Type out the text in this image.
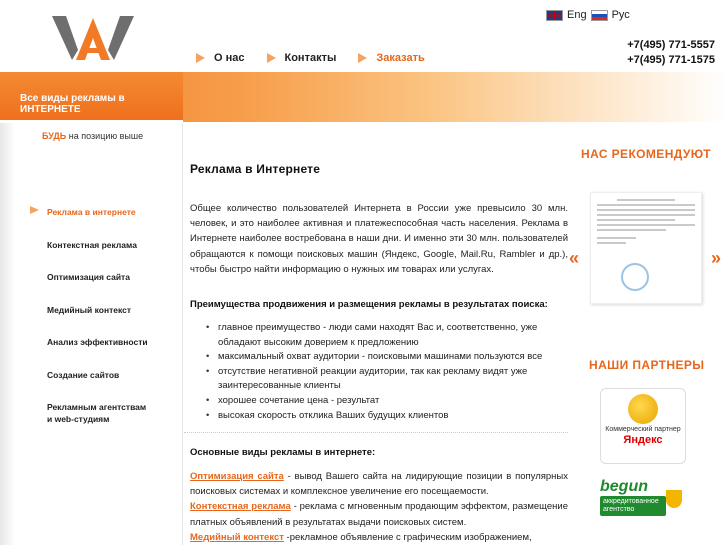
Eng Рус
+7(495) 771-5557
+7(495) 771-1575
О нас	Контакты	Заказать
Все виды рекламы в ИНТЕРНЕТЕ
БУДЬ на позицию выше
Реклама в интернете
Контекстная реклама
Оптимизация сайта
Медийный контекст
Анализ эффективности
Создание сайтов
Рекламным агентствам и web-студиям
Реклама в Интернете
Общее количество пользователей Интернета в России уже превысило 30 млн. человек, и это наиболее активная и платежеспособная часть населения. Реклама в Интернете наиболее востребована в наши дни. И именно эти 30 млн. пользователей обращаются к помощи поисковых машин (Яндекс, Google, Mail.Ru, Rambler и др.), чтобы быстро найти информацию о нужных им товарах или услугах.
Преимущества продвижения и размещения рекламы в результатах поиска:
• главное преимущество - люди сами находят Вас и, соответственно, уже обладают высоким доверием к предложению
• максимальный охват аудитории - поисковыми машинами пользуются все
• отсутствие негативной реакции аудитории, так как рекламу видят уже заинтересованные клиенты
• хорошее сочетание цена - результат
• высокая скорость отклика Ваших будущих клиентов
Основные виды рекламы в интернете:
Оптимизация сайта - вывод Вашего сайта на лидирующие позиции в популярных поисковых системах и комплексное увеличение его посещаемости.
Контекстная реклама - реклама с мгновенным продающим эффектом, размещение платных объявлений в результатах выдачи поисковых систем.
Медийный контекст -рекламное объявление с графическим изображением,
НАС РЕКОМЕНДУЮТ
«	»
НАШИ ПАРТНЕРЫ
Коммерческий партнер
Яндекс
begun
аккредитованное агентство
